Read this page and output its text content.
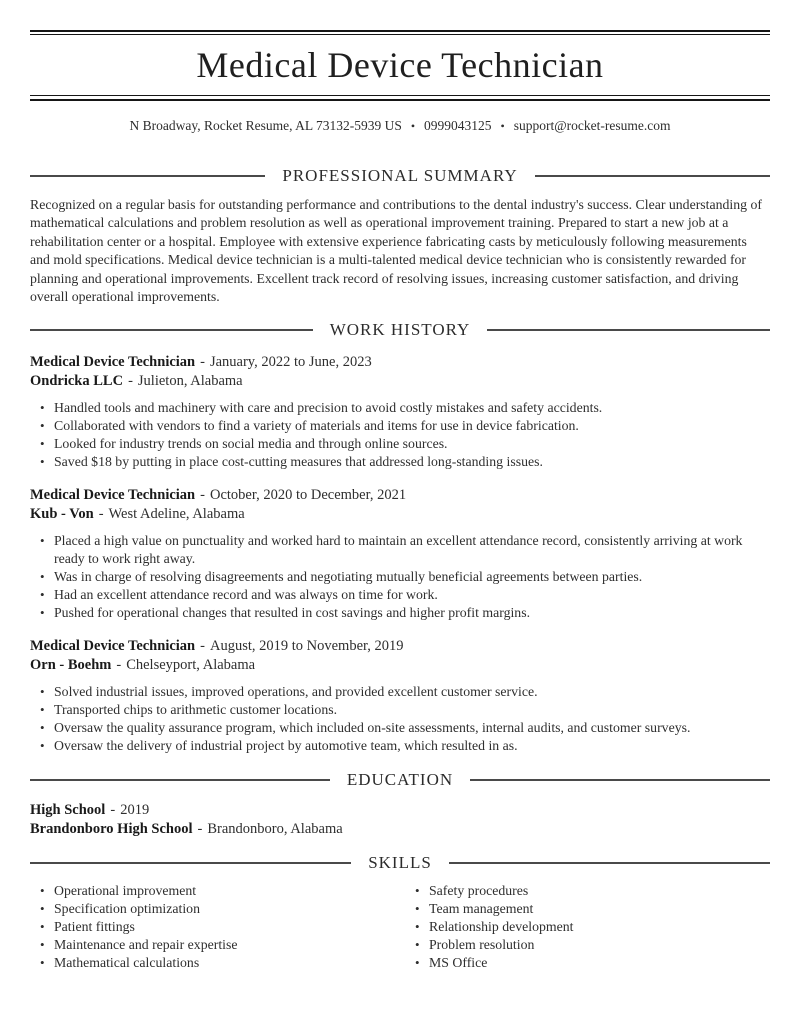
Medical Device Technician
N Broadway, Rocket Resume, AL 73132-5939 US • 0999043125 • support@rocket-resume.com
PROFESSIONAL SUMMARY

Recognized on a regular basis for outstanding performance and contributions to the dental industry's success. Clear understanding of mathematical calculations and problem resolution as well as operational improvement training. Prepared to start a new job at a rehabilitation center or a hospital. Employee with extensive experience fabricating casts by meticulously following measurements and mold specifications. Medical device technician is a multi-talented medical device technician who is consistently rewarded for planning and operational improvements. Excellent track record of resolving issues, increasing customer satisfaction, and driving overall operational improvements.

WORK HISTORY
Medical Device Technician - January, 2022 to June, 2023
Ondricka LLC - Julieton, Alabama
• Handled tools and machinery with care and precision to avoid costly mistakes and safety accidents.
• Collaborated with vendors to find a variety of materials and items for use in device fabrication.
• Looked for industry trends on social media and through online sources.
• Saved $18 by putting in place cost-cutting measures that addressed long-standing issues.
Medical Device Technician - October, 2020 to December, 2021
Kub - Von - West Adeline, Alabama
• Placed a high value on punctuality and worked hard to maintain an excellent attendance record, consistently arriving at work ready to work right away.
• Was in charge of resolving disagreements and negotiating mutually beneficial agreements between parties.
• Had an excellent attendance record and was always on time for work.
• Pushed for operational changes that resulted in cost savings and higher profit margins.
Medical Device Technician - August, 2019 to November, 2019
Orn - Boehm - Chelseyport, Alabama
• Solved industrial issues, improved operations, and provided excellent customer service.
• Transported chips to arithmetic customer locations.
• Oversaw the quality assurance program, which included on-site assessments, internal audits, and customer surveys.
• Oversaw the delivery of industrial project by automotive team, which resulted in as.
EDUCATION
High School - 2019
Brandonboro High School - Brandonboro, Alabama
SKILLS
• Operational improvement
• Specification optimization
• Patient fittings
• Maintenance and repair expertise
• Mathematical calculations
• Safety procedures
• Team management
• Relationship development
• Problem resolution
• MS Office
